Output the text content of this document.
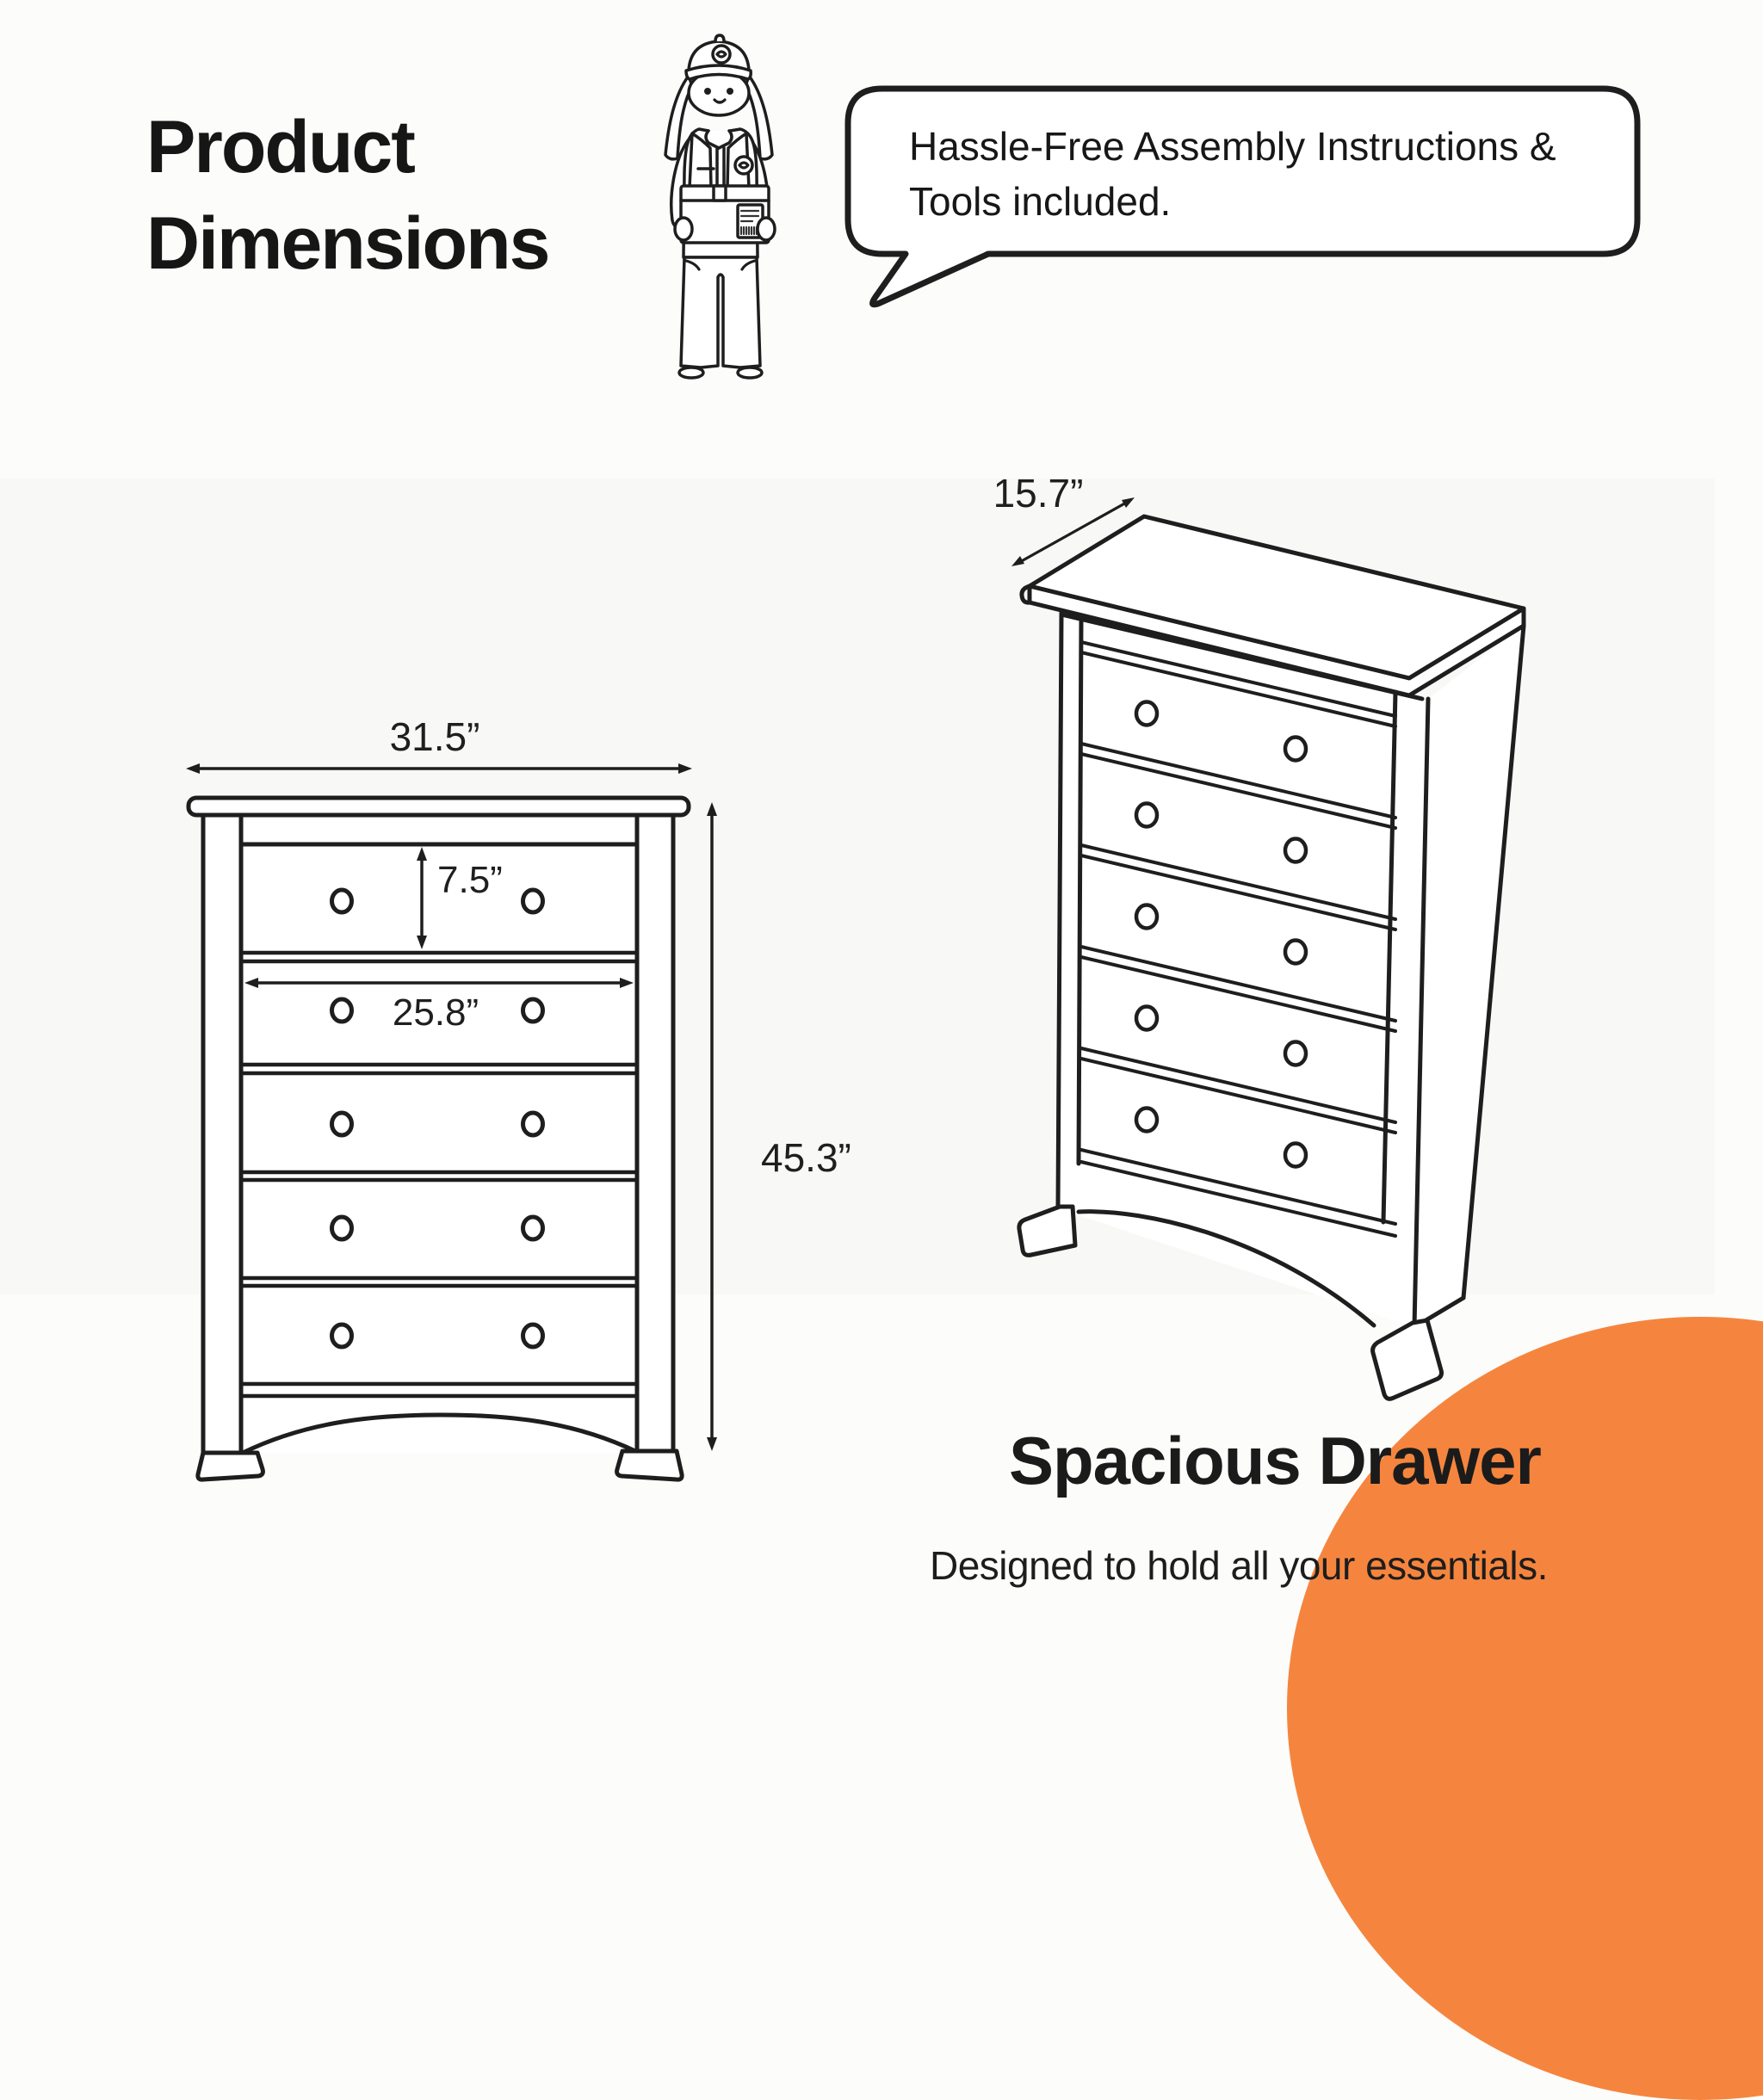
Product
Dimensions
Hassle-Free Assembly Instructions &
Tools included.
31.5”
45.3”
7.5”
25.8”
15.7”
Spacious Drawer
Designed to hold all your essentials.
